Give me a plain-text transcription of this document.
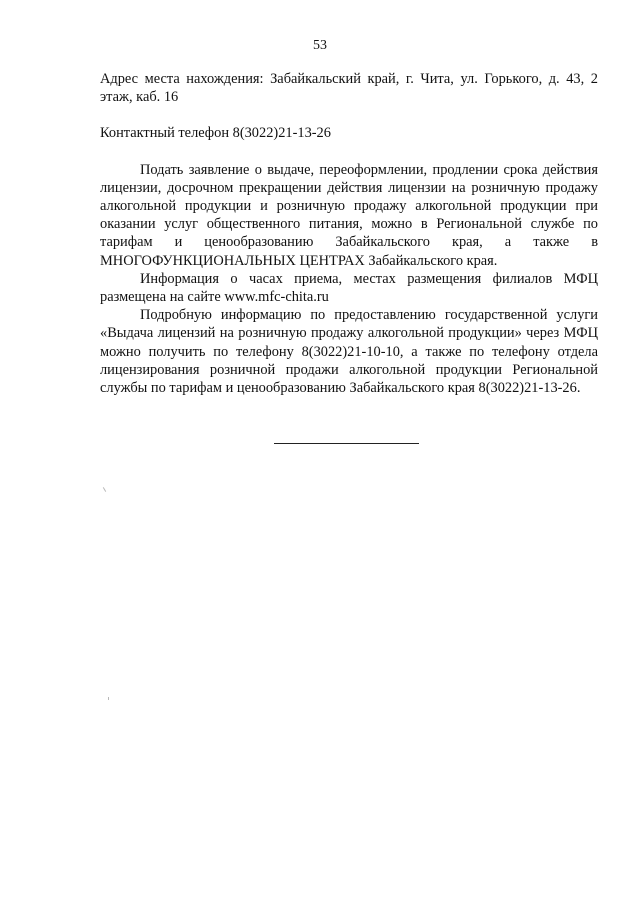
53

Адрес места нахождения: Забайкальский край, г. Чита, ул. Горького, д. 43, 2 этаж, каб. 16

Контактный телефон 8(3022)21-13-26

Подать заявление о выдаче, переоформлении, продлении срока действия лицензии, досрочном прекращении действия лицензии на розничную продажу алкогольной продукции и розничную продажу алкогольной продукции при оказании услуг общественного питания, можно в Региональной службе по тарифам и ценообразованию Забайкальского края, а также в МНОГОФУНКЦИОНАЛЬНЫХ ЦЕНТРАХ Забайкальского края.

Информация о часах приема, местах размещения филиалов МФЦ размещена на сайте www.mfc-chita.ru

Подробную информацию по предоставлению государственной услуги «Выдача лицензий на розничную продажу алкогольной продукции» через МФЦ можно получить по телефону 8(3022)21-10-10, а также по телефону отдела лицензирования розничной продажи алкогольной продукции Региональной службы по тарифам и ценообразованию Забайкальского края 8(3022)21-13-26.
